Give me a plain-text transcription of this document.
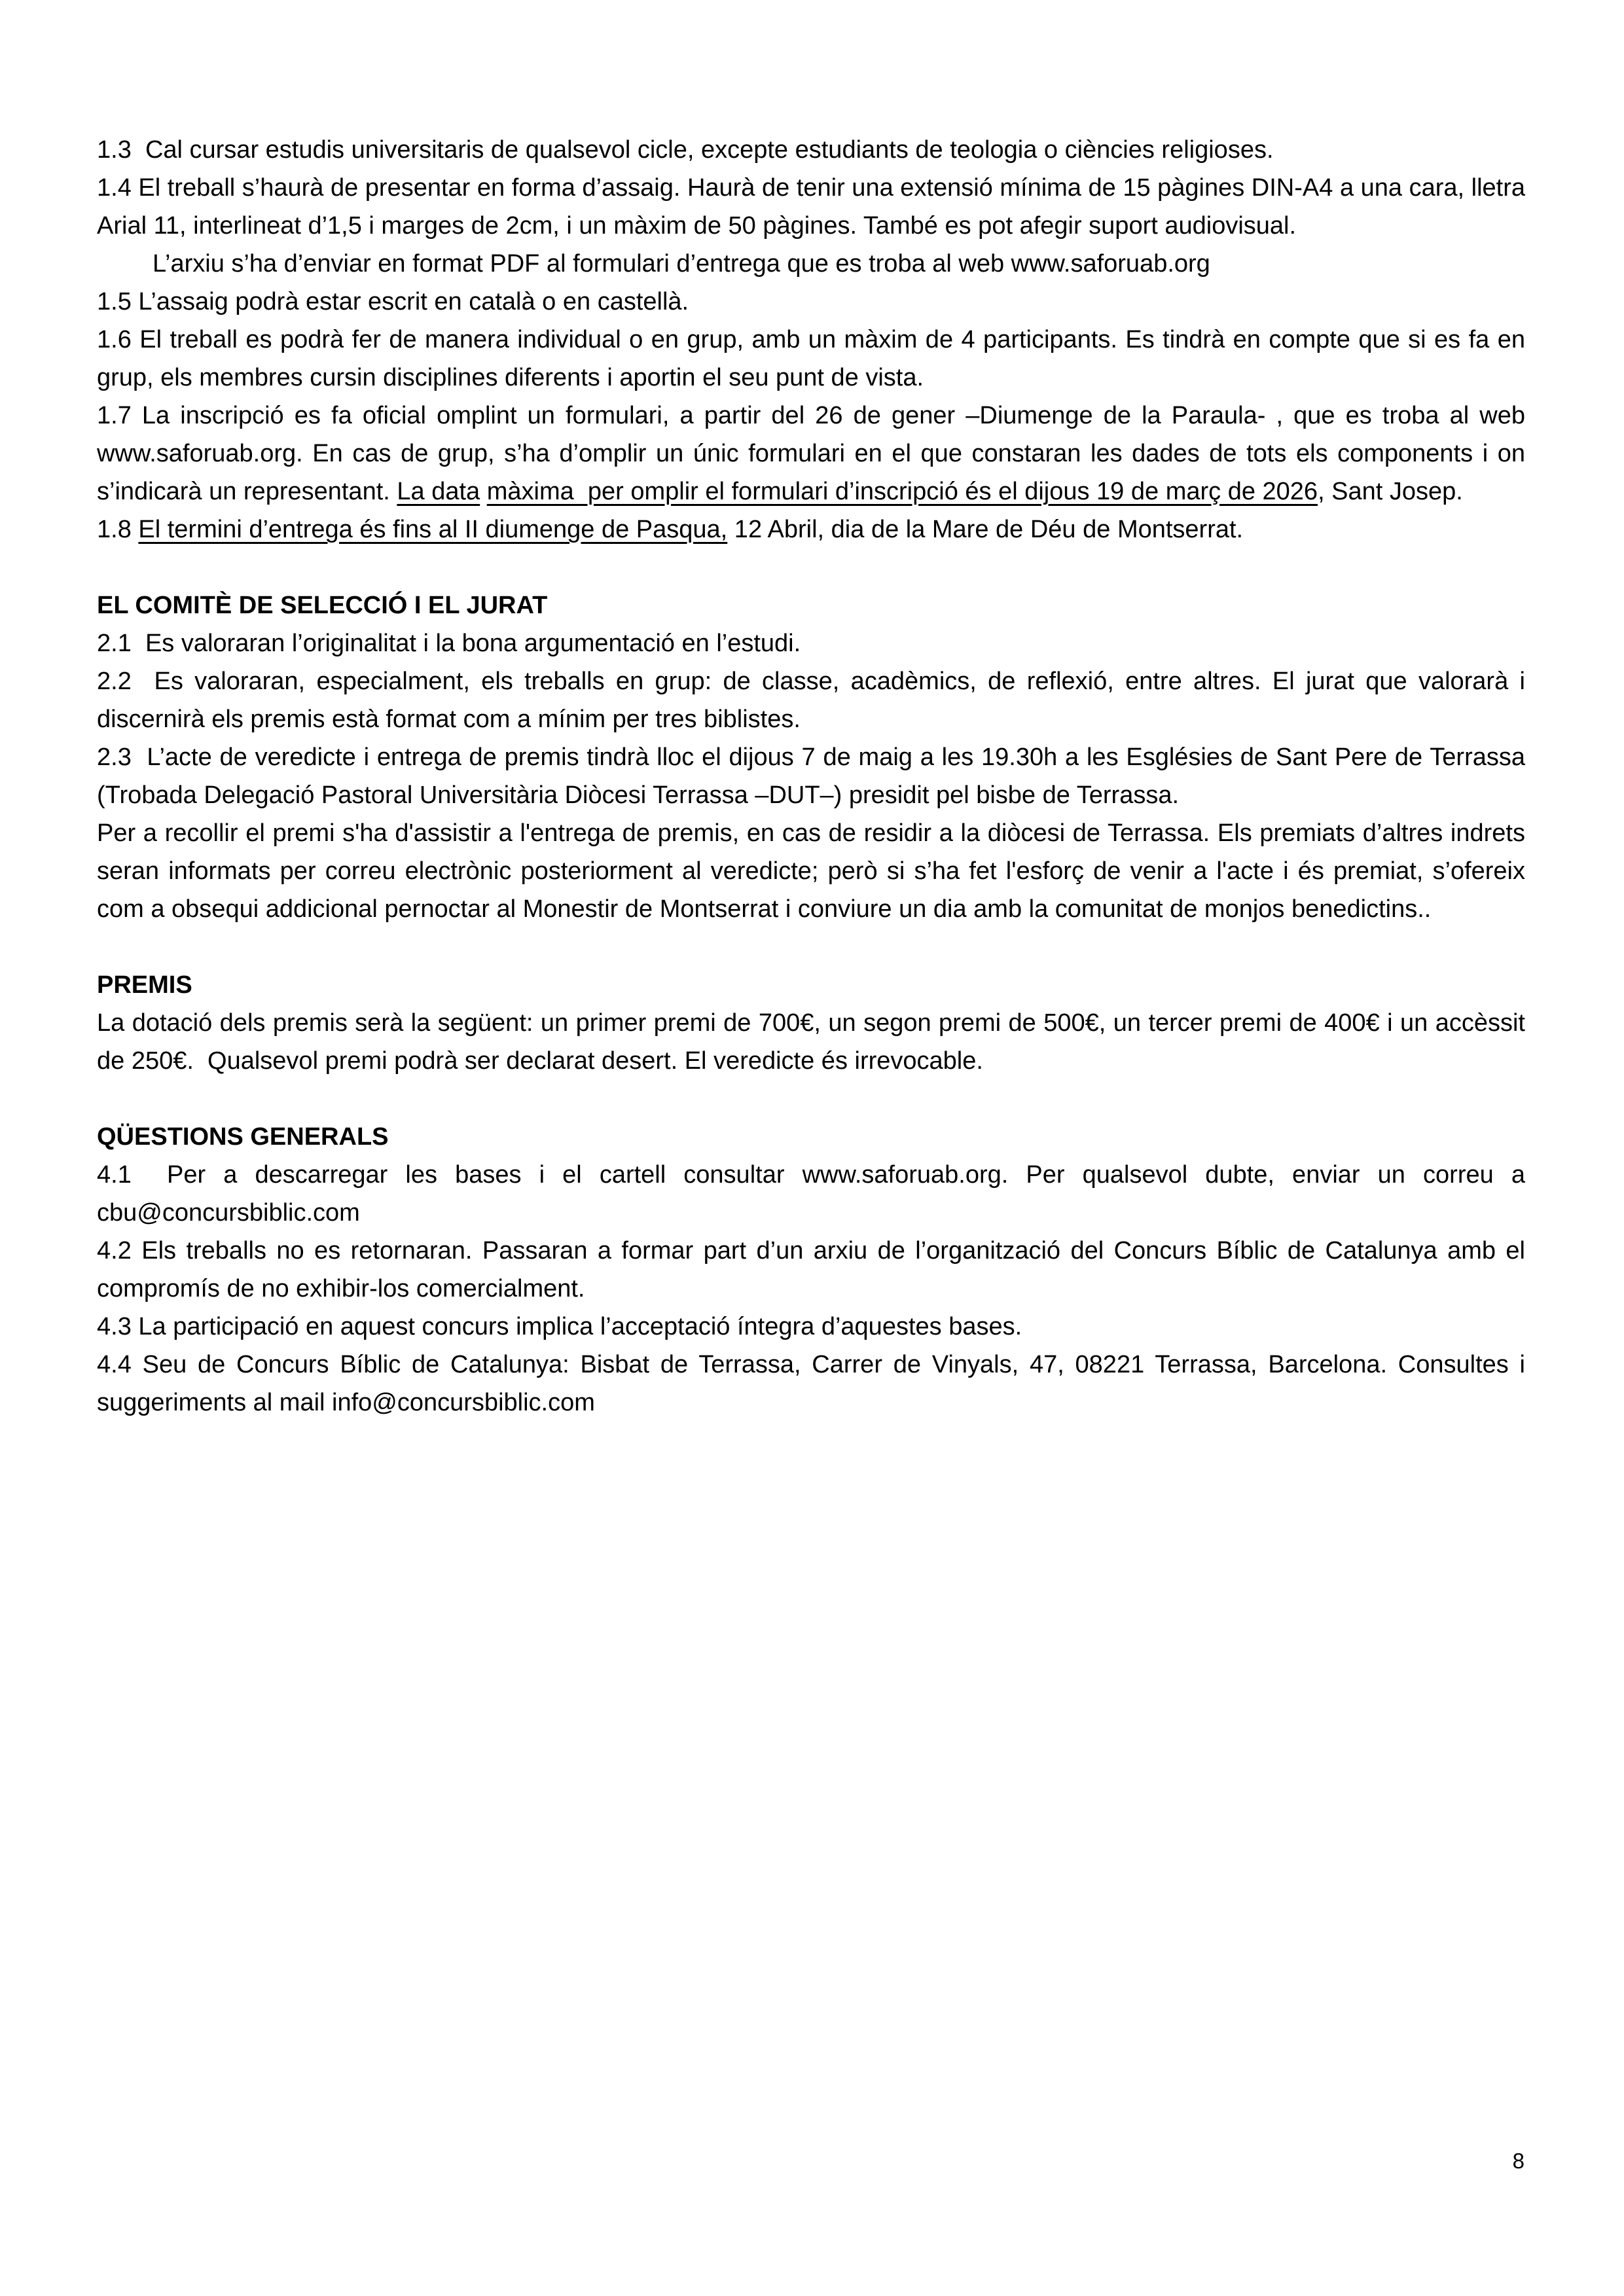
1.3  Cal cursar estudis universitaris de qualsevol cicle, excepte estudiants de teologia o ciències religioses.

1.4 El treball s’haurà de presentar en forma d’assaig. Haurà de tenir una extensió mínima de 15 pàgines DIN-A4 a una cara, lletra Arial 11, interlineat d’1,5 i marges de 2cm, i un màxim de 50 pàgines. També es pot afegir suport audiovisual.

L’arxiu s’ha d’enviar en format PDF al formulari d’entrega que es troba al web www.saforuab.org

1.5 L’assaig podrà estar escrit en català o en castellà.

1.6 El treball es podrà fer de manera individual o en grup, amb un màxim de 4 participants. Es tindrà en compte que si es fa en grup, els membres cursin disciplines diferents i aportin el seu punt de vista.

1.7 La inscripció es fa oficial omplint un formulari, a partir del 26 de gener –Diumenge de la Paraula- , que es troba al web www.saforuab.org. En cas de grup, s’ha d’omplir un únic formulari en el que constaran les dades de tots els components i on s’indicarà un representant. La data màxima  per omplir el formulari d’inscripció és el dijous 19 de març de 2026, Sant Josep.

1.8 El termini d’entrega és fins al II diumenge de Pasqua, 12 Abril, dia de la Mare de Déu de Montserrat.

EL COMITÈ DE SELECCIÓ I EL JURAT

2.1  Es valoraran l’originalitat i la bona argumentació en l’estudi.

2.2  Es valoraran, especialment, els treballs en grup: de classe, acadèmics, de reflexió, entre altres. El jurat que valorarà i discernirà els premis està format com a mínim per tres biblistes.

2.3  L’acte de veredicte i entrega de premis tindrà lloc el dijous 7 de maig a les 19.30h a les Esglésies de Sant Pere de Terrassa (Trobada Delegació Pastoral Universitària Diòcesi Terrassa –DUT–) presidit pel bisbe de Terrassa.

Per a recollir el premi s'ha d'assistir a l'entrega de premis, en cas de residir a la diòcesi de Terrassa. Els premiats d’altres indrets seran informats per correu electrònic posteriorment al veredicte; però si s’ha fet l'esforç de venir a l'acte i és premiat, s’ofereix com a obsequi addicional pernoctar al Monestir de Montserrat i conviure un dia amb la comunitat de monjos benedictins..

PREMIS

La dotació dels premis serà la següent: un primer premi de 700€, un segon premi de 500€, un tercer premi de 400€ i un accèssit de 250€.  Qualsevol premi podrà ser declarat desert. El veredicte és irrevocable.

QÜESTIONS GENERALS

4.1  Per a descarregar les bases i el cartell consultar www.saforuab.org. Per qualsevol dubte, enviar un correu a cbu@concursbiblic.com

4.2 Els treballs no es retornaran. Passaran a formar part d’un arxiu de l’organització del Concurs Bíblic de Catalunya amb el compromís de no exhibir-los comercialment.

4.3 La participació en aquest concurs implica l’acceptació íntegra d’aquestes bases.

4.4 Seu de Concurs Bíblic de Catalunya: Bisbat de Terrassa, Carrer de Vinyals, 47, 08221 Terrassa, Barcelona. Consultes i suggeriments al mail info@concursbiblic.com

8
